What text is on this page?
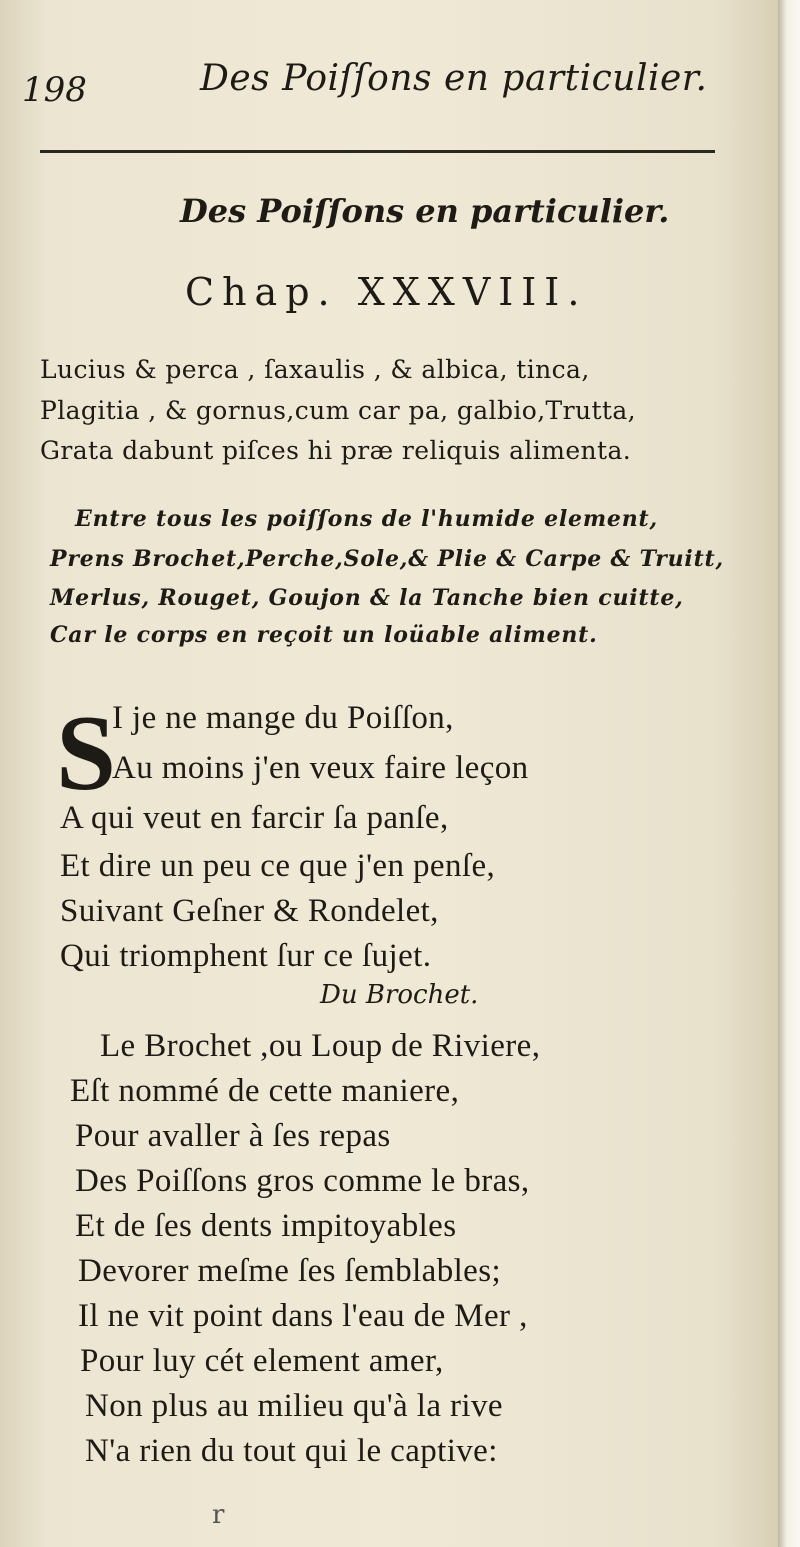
198	Des Poiſſons en particulier.
Des Poiſſons en particulier.
Chap. XXXVIII.
Lucius & perca , ſaxaulis , & albica, tinca,
Plagitia , & gornus,cum car pa, galbio,Trutta,
Grata dabunt piſces hi præ reliquis alimenta.
Entre tous les poiſſons de l'humide element,
Prens Brochet,Perche,Sole,& Plie & Carpe & Truitt,
Merlus, Rouget, Goujon & la Tanche bien cuitte,
Car le corps en reçoit un loüable aliment.
S
I je ne mange du Poiſſon,
Au moins j'en veux faire leçon
A qui veut en farcir ſa panſe,
Et dire un peu ce que j'en penſe,
Suivant Geſner & Rondelet,
Qui triomphent ſur ce ſujet.
Du Brochet.
Le Brochet ,ou Loup de Riviere,
Eſt nommé de cette maniere,
Pour avaller à ſes repas
Des Poiſſons gros comme le bras,
Et de ſes dents impitoyables
Devorer meſme ſes ſemblables;
Il ne vit point dans l'eau de Mer ,
Pour luy cét element amer,
Non plus au milieu qu'à la rive
N'a rien du tout qui le captive:
r
